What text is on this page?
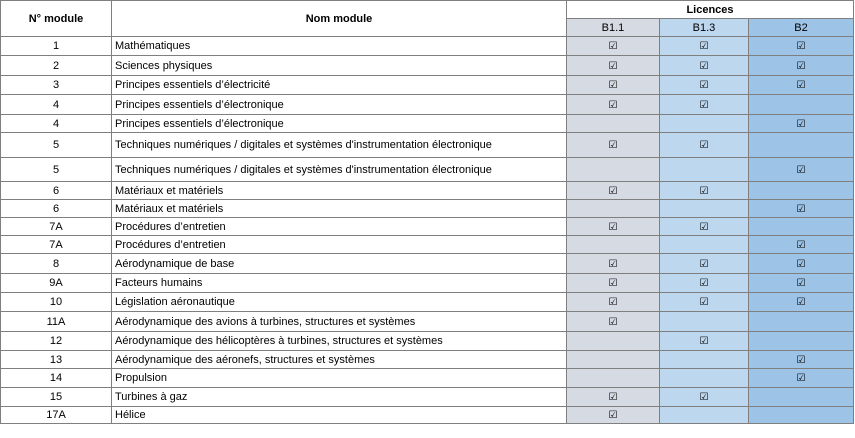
N° module	Nom module	Licences		
		B1.1	B1.3	B2
1	Mathématiques	☑	☑	☑
2	Sciences physiques	☑	☑	☑
3	Principes essentiels d’électricité	☑	☑	☑
4	Principes essentiels d’électronique	☑	☑	
4	Principes essentiels d’électronique			☑
5	Techniques numériques / digitales et systèmes d'instrumentation électronique	☑	☑	
5	Techniques numériques / digitales et systèmes d'instrumentation électronique			☑
6	Matériaux et matériels	☑	☑	
6	Matériaux et matériels			☑
7A	Procédures d’entretien	☑	☑	
7A	Procédures d’entretien			☑
8	Aérodynamique de base	☑	☑	☑
9A	Facteurs humains	☑	☑	☑
10	Législation aéronautique	☑	☑	☑
11A	Aérodynamique des avions à turbines, structures et systèmes	☑		
12	Aérodynamique des hélicoptères à turbines, structures et systèmes		☑	
13	Aérodynamique des aéronefs, structures et systèmes			☑
14	Propulsion			☑
15	Turbines à gaz	☑	☑	
17A	Hélice	☑		
